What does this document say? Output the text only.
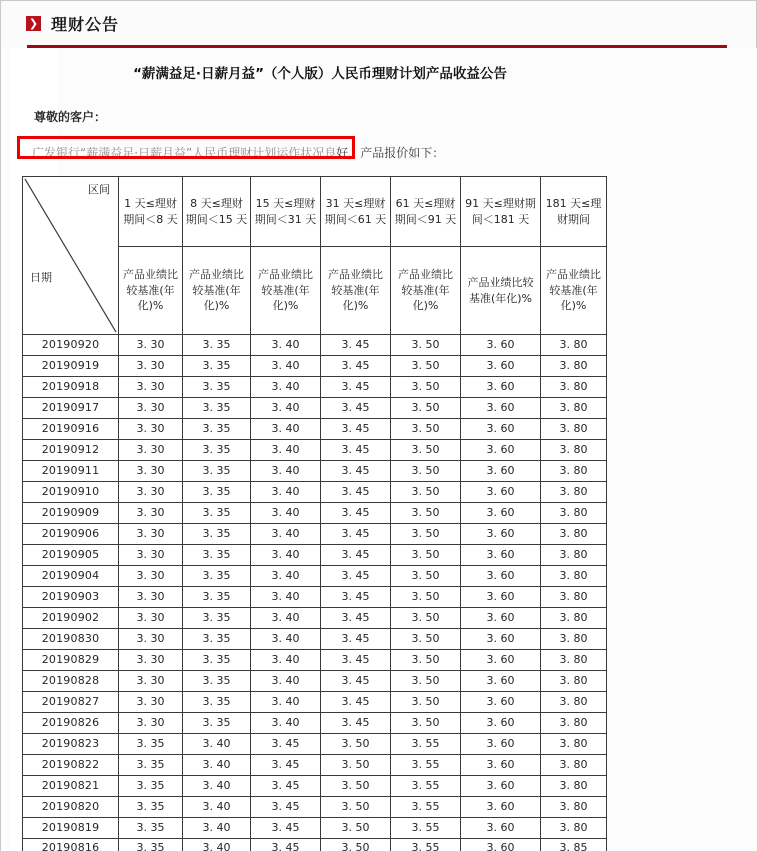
❯ 理财公告
“薪满益足·日薪月益”（个人版）人民币理财计划产品收益公告
尊敬的客户：
广发银行“薪满益足·日薪月益”人民币理财计划运作状况良好，产品报价如下：
区间
日期	1 天≤理财期间＜8 天	8 天≤理财期间＜15 天	15 天≤理财期间＜31 天	31 天≤理财期间＜61 天	61 天≤理财期间＜91 天	91 天≤理财期间＜181 天	181 天≤理财期间
	产品业绩比较基准(年化)%	产品业绩比较基准(年化)%	产品业绩比较基准(年化)%	产品业绩比较基准(年化)%	产品业绩比较基准(年化)%	产品业绩比较基准(年化)%	产品业绩比较基准(年化)%
20190920	3. 30	3. 35	3. 40	3. 45	3. 50	3. 60	3. 80
20190919	3. 30	3. 35	3. 40	3. 45	3. 50	3. 60	3. 80
20190918	3. 30	3. 35	3. 40	3. 45	3. 50	3. 60	3. 80
20190917	3. 30	3. 35	3. 40	3. 45	3. 50	3. 60	3. 80
20190916	3. 30	3. 35	3. 40	3. 45	3. 50	3. 60	3. 80
20190912	3. 30	3. 35	3. 40	3. 45	3. 50	3. 60	3. 80
20190911	3. 30	3. 35	3. 40	3. 45	3. 50	3. 60	3. 80
20190910	3. 30	3. 35	3. 40	3. 45	3. 50	3. 60	3. 80
20190909	3. 30	3. 35	3. 40	3. 45	3. 50	3. 60	3. 80
20190906	3. 30	3. 35	3. 40	3. 45	3. 50	3. 60	3. 80
20190905	3. 30	3. 35	3. 40	3. 45	3. 50	3. 60	3. 80
20190904	3. 30	3. 35	3. 40	3. 45	3. 50	3. 60	3. 80
20190903	3. 30	3. 35	3. 40	3. 45	3. 50	3. 60	3. 80
20190902	3. 30	3. 35	3. 40	3. 45	3. 50	3. 60	3. 80
20190830	3. 30	3. 35	3. 40	3. 45	3. 50	3. 60	3. 80
20190829	3. 30	3. 35	3. 40	3. 45	3. 50	3. 60	3. 80
20190828	3. 30	3. 35	3. 40	3. 45	3. 50	3. 60	3. 80
20190827	3. 30	3. 35	3. 40	3. 45	3. 50	3. 60	3. 80
20190826	3. 30	3. 35	3. 40	3. 45	3. 50	3. 60	3. 80
20190823	3. 35	3. 40	3. 45	3. 50	3. 55	3. 60	3. 80
20190822	3. 35	3. 40	3. 45	3. 50	3. 55	3. 60	3. 80
20190821	3. 35	3. 40	3. 45	3. 50	3. 55	3. 60	3. 80
20190820	3. 35	3. 40	3. 45	3. 50	3. 55	3. 60	3. 80
20190819	3. 35	3. 40	3. 45	3. 50	3. 55	3. 60	3. 80
20190816	3. 35	3. 40	3. 45	3. 50	3. 55	3. 60	3. 85
